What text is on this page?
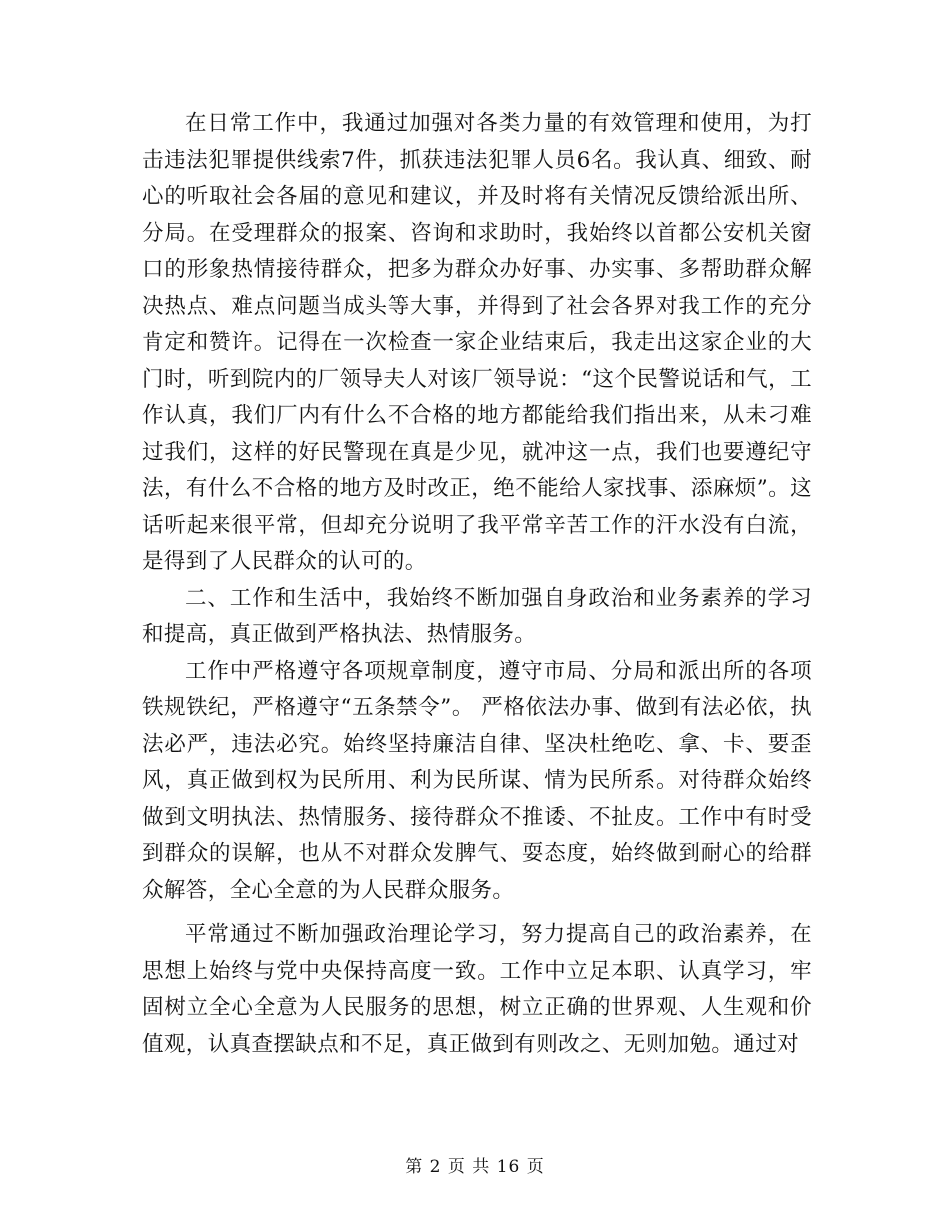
在日常工作中，我通过加强对各类力量的有效管理和使用，为打击违法犯罪提供线索7件，抓获违法犯罪人员6名。我认真、细致、耐心的听取社会各届的意见和建议，并及时将有关情况反馈给派出所、分局。在受理群众的报案、咨询和求助时，我始终以首都公安机关窗口的形象热情接待群众，把多为群众办好事、办实事、多帮助群众解决热点、难点问题当成头等大事，并得到了社会各界对我工作的充分肯定和赞许。记得在一次检查一家企业结束后，我走出这家企业的大门时，听到院内的厂领导夫人对该厂领导说：“这个民警说话和气，工作认真，我们厂内有什么不合格的地方都能给我们指出来，从未刁难过我们，这样的好民警现在真是少见，就冲这一点，我们也要遵纪守法，有什么不合格的地方及时改正，绝不能给人家找事、添麻烦”。这话听起来很平常，但却充分说明了我平常辛苦工作的汗水没有白流，是得到了人民群众的认可的。

二、工作和生活中，我始终不断加强自身政治和业务素养的学习和提高，真正做到严格执法、热情服务。

工作中严格遵守各项规章制度，遵守市局、分局和派出所的各项铁规铁纪，严格遵守“五条禁令”。 严格依法办事、做到有法必依，执法必严，违法必究。始终坚持廉洁自律、坚决杜绝吃、拿、卡、要歪风，真正做到权为民所用、利为民所谋、情为民所系。对待群众始终做到文明执法、热情服务、接待群众不推诿、不扯皮。工作中有时受到群众的误解，也从不对群众发脾气、耍态度，始终做到耐心的给群众解答，全心全意的为人民群众服务。

平常通过不断加强政治理论学习，努力提高自己的政治素养，在思想上始终与党中央保持高度一致。工作中立足本职、认真学习，牢固树立全心全意为人民服务的思想，树立正确的世界观、人生观和价值观，认真查摆缺点和不足，真正做到有则改之、无则加勉。通过对

第 2 页 共 16 页
